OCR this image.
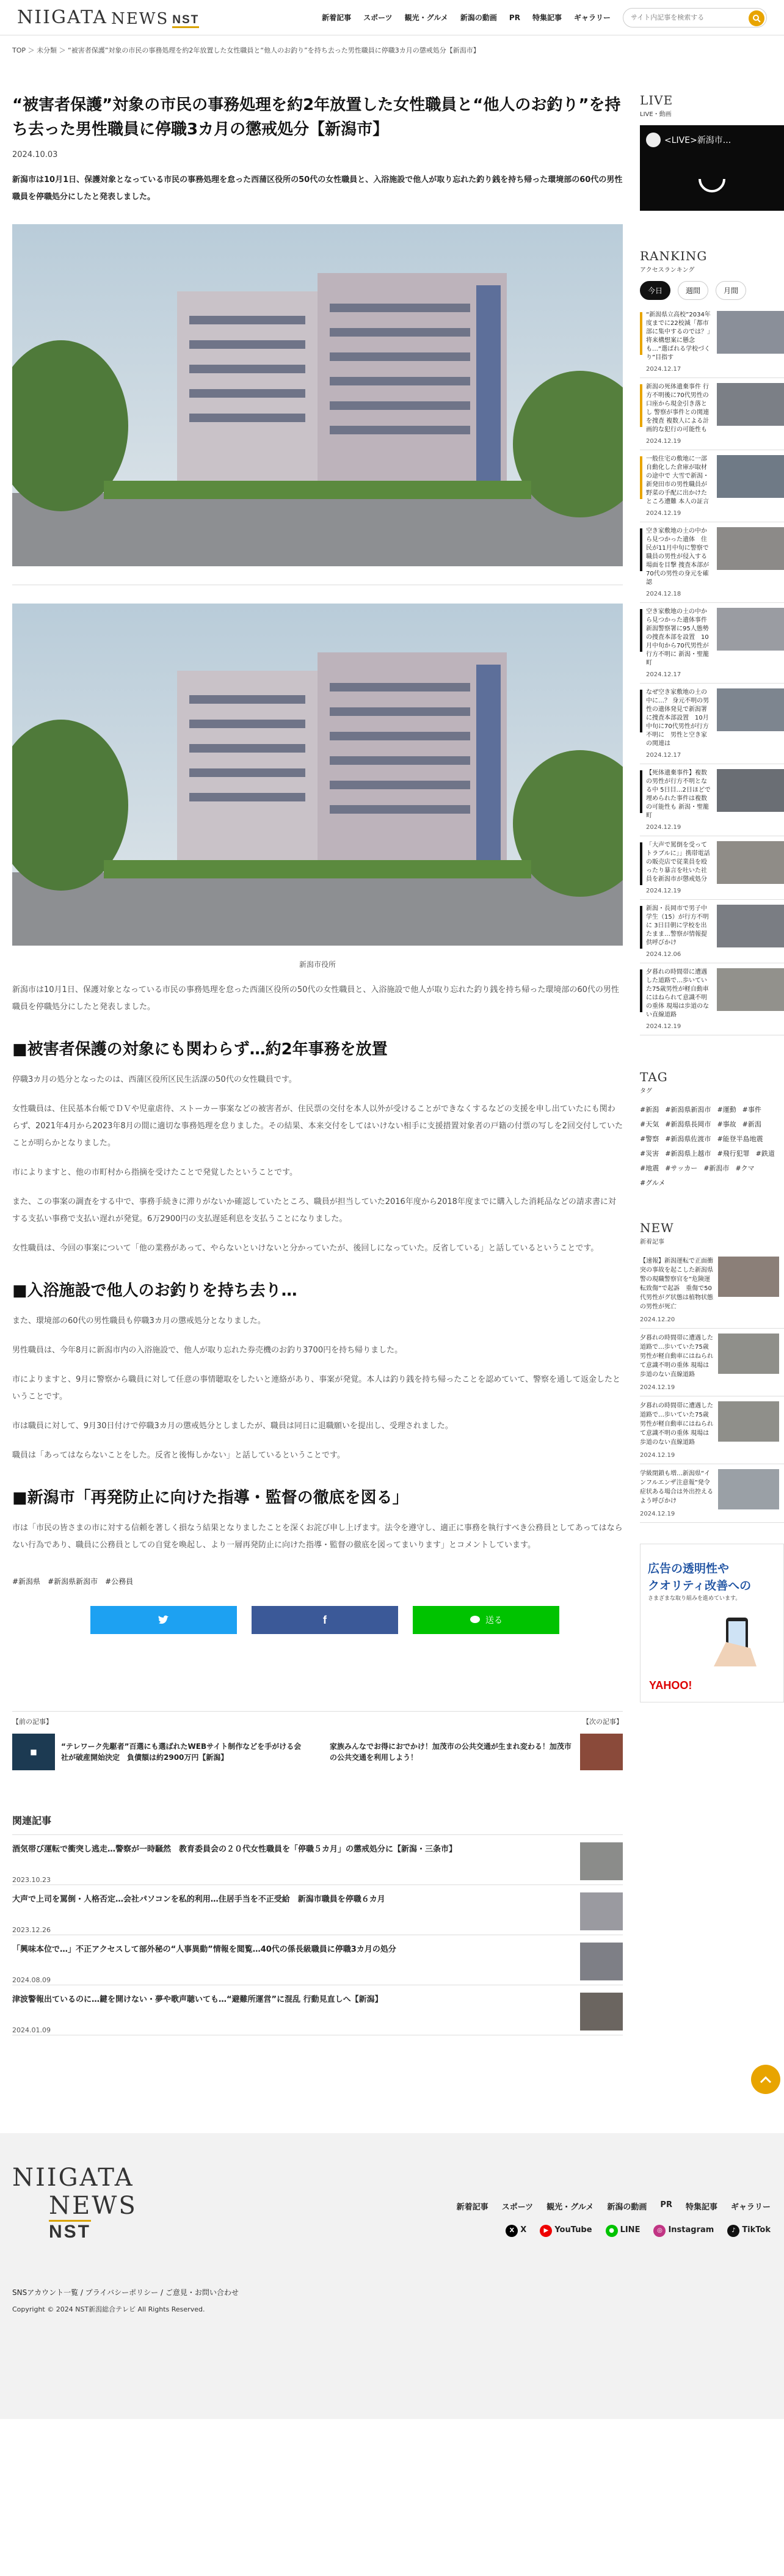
NIIGATA NEWS NST	新着記事 スポーツ 観光・グルメ 新潟の動画 PR 特集記事 ギャラリー
サイト内記事を検索する
TOP ＞ 未分類 ＞ “被害者保護”対象の市民の事務処理を約2年放置した女性職員と“他人のお釣り”を持ち去った男性職員に停職3カ月の懲戒処分【新潟市】
“被害者保護”対象の市民の事務処理を約2年放置した女性職員と“他人のお釣り”を持ち去った男性職員に停職3カ月の懲戒処分【新潟市】
2024.10.03
新潟市は10月1日、保護対象となっている市民の事務処理を怠った西蒲区役所の50代の女性職員と、入浴施設で他人が取り忘れた釣り銭を持ち帰った環境部の60代の男性職員を停職処分にしたと発表しました。
新潟市役所
新潟市は10月1日、保護対象となっている市民の事務処理を怠った西蒲区役所の50代の女性職員と、入浴施設で他人が取り忘れた釣り銭を持ち帰った環境部の60代の男性職員を停職処分にしたと発表しました。
■被害者保護の対象にも関わらず…約2年事務を放置
停職3カ月の処分となったのは、西蒲区役所区民生活課の50代の女性職員です。
女性職員は、住民基本台帳でＤＶや児童虐待、ストーカー事案などの被害者が、住民票の交付を本人以外が受けることができなくするなどの支援を申し出ていたにも関わらず、2021年4月から2023年8月の間に適切な事務処理を怠りました。その結果、本来交付をしてはいけない相手に支援措置対象者の戸籍の付票の写しを2回交付していたことが明らかとなりました。
市によりますと、他の市町村から指摘を受けたことで発覚したということです。
また、この事案の調査をする中で、事務手続きに滞りがないか確認していたところ、職員が担当していた2016年度から2018年度までに購入した消耗品などの請求書に対する支払い事務で支払い遅れが発覚。6万2900円の支払遅延利息を支払うことになりました。
女性職員は、今回の事案について「他の業務があって、やらないといけないと分かっていたが、後回しになっていた。反省している」と話しているということです。
■入浴施設で他人のお釣りを持ち去り…
また、環境部の60代の男性職員も停職3カ月の懲戒処分となりました。
男性職員は、今年8月に新潟市内の入浴施設で、他人が取り忘れた券売機のお釣り3700円を持ち帰りました。
市によりますと、9月に警察から職員に対して任意の事情聴取をしたいと連絡があり、事案が発覚。本人は釣り銭を持ち帰ったことを認めていて、警察を通して返金したということです。
市は職員に対して、9月30日付けで停職3カ月の懲戒処分としましたが、職員は同日に退職願いを提出し、受理されました。
職員は「あってはならないことをした。反省と後悔しかない」と話しているということです。
■新潟市「再発防止に向けた指導・監督の徹底を図る」
市は「市民の皆さまの市に対する信頼を著しく損なう結果となりましたことを深くお詫び申し上げます。法令を遵守し、適正に事務を執行すべき公務員としてあってはならない行為であり、職員に公務員としての自覚を喚起し、より一層再発防止に向けた指導・監督の徹底を図ってまいります」とコメントしています。
#新潟県 #新潟県新潟市 #公務員
f	送る
【前の記事】
■
“テレワーク先駆者”百選にも選ばれたWEBサイト制作などを手がける会社が破産開始決定　負債額は約2900万円【新潟】
【次の記事】
家族みんなでお得におでかけ！加茂市の公共交通が生まれ変わる！加茂市の公共交通を利用しよう！
関連記事
酒気帯び運転で衝突し逃走…警察が一時騒然　教育委員会の２０代女性職員を「停職５カ月」の懲戒処分に【新潟・三条市】
2023.10.23
大声で上司を罵倒・人格否定…会社パソコンを私的利用…住居手当を不正受給　新潟市職員を停職６カ月
2023.12.26
「興味本位で…」不正アクセスして部外秘の“人事異動”情報を閲覧…40代の係長級職員に停職3カ月の処分
2024.08.09
津波警報出ているのに…鍵を開けない・夢や歌声聴いても…“避難所運営”に混乱 行動見直しへ【新潟】
2024.01.09
LIVE
LIVE・動画
<LIVE>新潟市...
RANKING
アクセスランキング
今日	週間	月間
“新潟県立高校”2034年度までに22校減「都市部に集中するのでは？」将来構想案に懸念も…“選ばれる学校づくり”目指す
2024.12.17
新潟の死体遺棄事件 行方不明後に70代男性の口座から現金引き落とし 警察が事件との関連を捜査 複数人による計画的な犯行の可能性も
2024.12.19
一般住宅の敷地に一部自動化した倉庫が取材の途中で 大雪で新潟・新発田市の男性職員が野菜の手配に出かけたところ遭難 本人の証言
2024.12.19
空き家敷地の土の中から見つかった遺体　住民が11月中旬に警察で職員の男性が侵入する場面を目撃 捜査本部が70代の男性の身元を確認
2024.12.18
空き家敷地の土の中から見つかった遺体事件　新潟警察署に95人態勢の捜査本部を設置　10月中旬から70代男性が行方不明に 新潟・聖籠町
2024.12.17
なぜ空き家敷地の土の中に…？ 身元不明の男性の遺体発見で新潟署に捜査本部設置　10月中旬に70代男性が行方不明に　男性と空き家の関連は
2024.12.17
【死体遺棄事件】複数の男性が行方不明となる中 5日目…2日ほどで埋められた事件は複数の可能性も 新潟・聖籠町
2024.12.19
「大声で罵倒を受ってトラブルに」」携帯電話の販売店で従業員を殴ったり暴言を吐いた社員を新潟市が懲戒処分
2024.12.19
新潟・長岡市で男子中学生（15）が行方不明に 3日目朝に学校を出たまま…警察が情報提供呼びかけ
2024.12.06
夕暮れの時間帯に遭遇した道路で…歩いていた75歳男性が軽自動車にはねられて意識不明の重体 現場は歩道のない直線道路
2024.12.19
TAG
タグ
#新潟 #新潟県新潟市 #運動 #事件
#天気 #新潟県長岡市 #事故 #新潟
#警察 #新潟県佐渡市 #能登半島地震
#災害 #新潟県上越市 #飛行犯罪 #鉄道
#地震 #サッカー #新潟市 #クマ
#グルメ
NEW
新着記事
【速報】新潟運転で正面衝突の事故を起こした新潟県警の現職警察官を“危険運転致傷”で起訴　重傷で50代男性がグ状態は植物状態の男性が死亡
2024.12.20
夕暮れの時間帯に遭遇した道路で…歩いていた75歳男性が軽自動車にはねられて意識不明の重体 現場は歩道のない直線道路
2024.12.19
夕暮れの時間帯に遭遇した道路で…歩いていた75歳男性が軽自動車にはねられて意識不明の重体 現場は歩道のない直線道路
2024.12.19
学級閉鎖も増…新潟県“インフルエンザ注意報”発令　症状ある場合は外出控えるよう呼びかけ
2024.12.19
広告の透明性や
クオリティ改善への
さまざまな取り組みを進めています。
YAHOO!
NIIGATA
NEWS
NST
新着記事 スポーツ 観光・グルメ 新潟の動画 PR 特集記事 ギャラリー
X X	▶ YouTube	● LINE	◎ Instagram	♪ TikTok
SNSアカウント一覧 / プライバシーポリシー / ご意見・お問い合わせ
Copyright © 2024 NST新潟総合テレビ All Rights Reserved.
